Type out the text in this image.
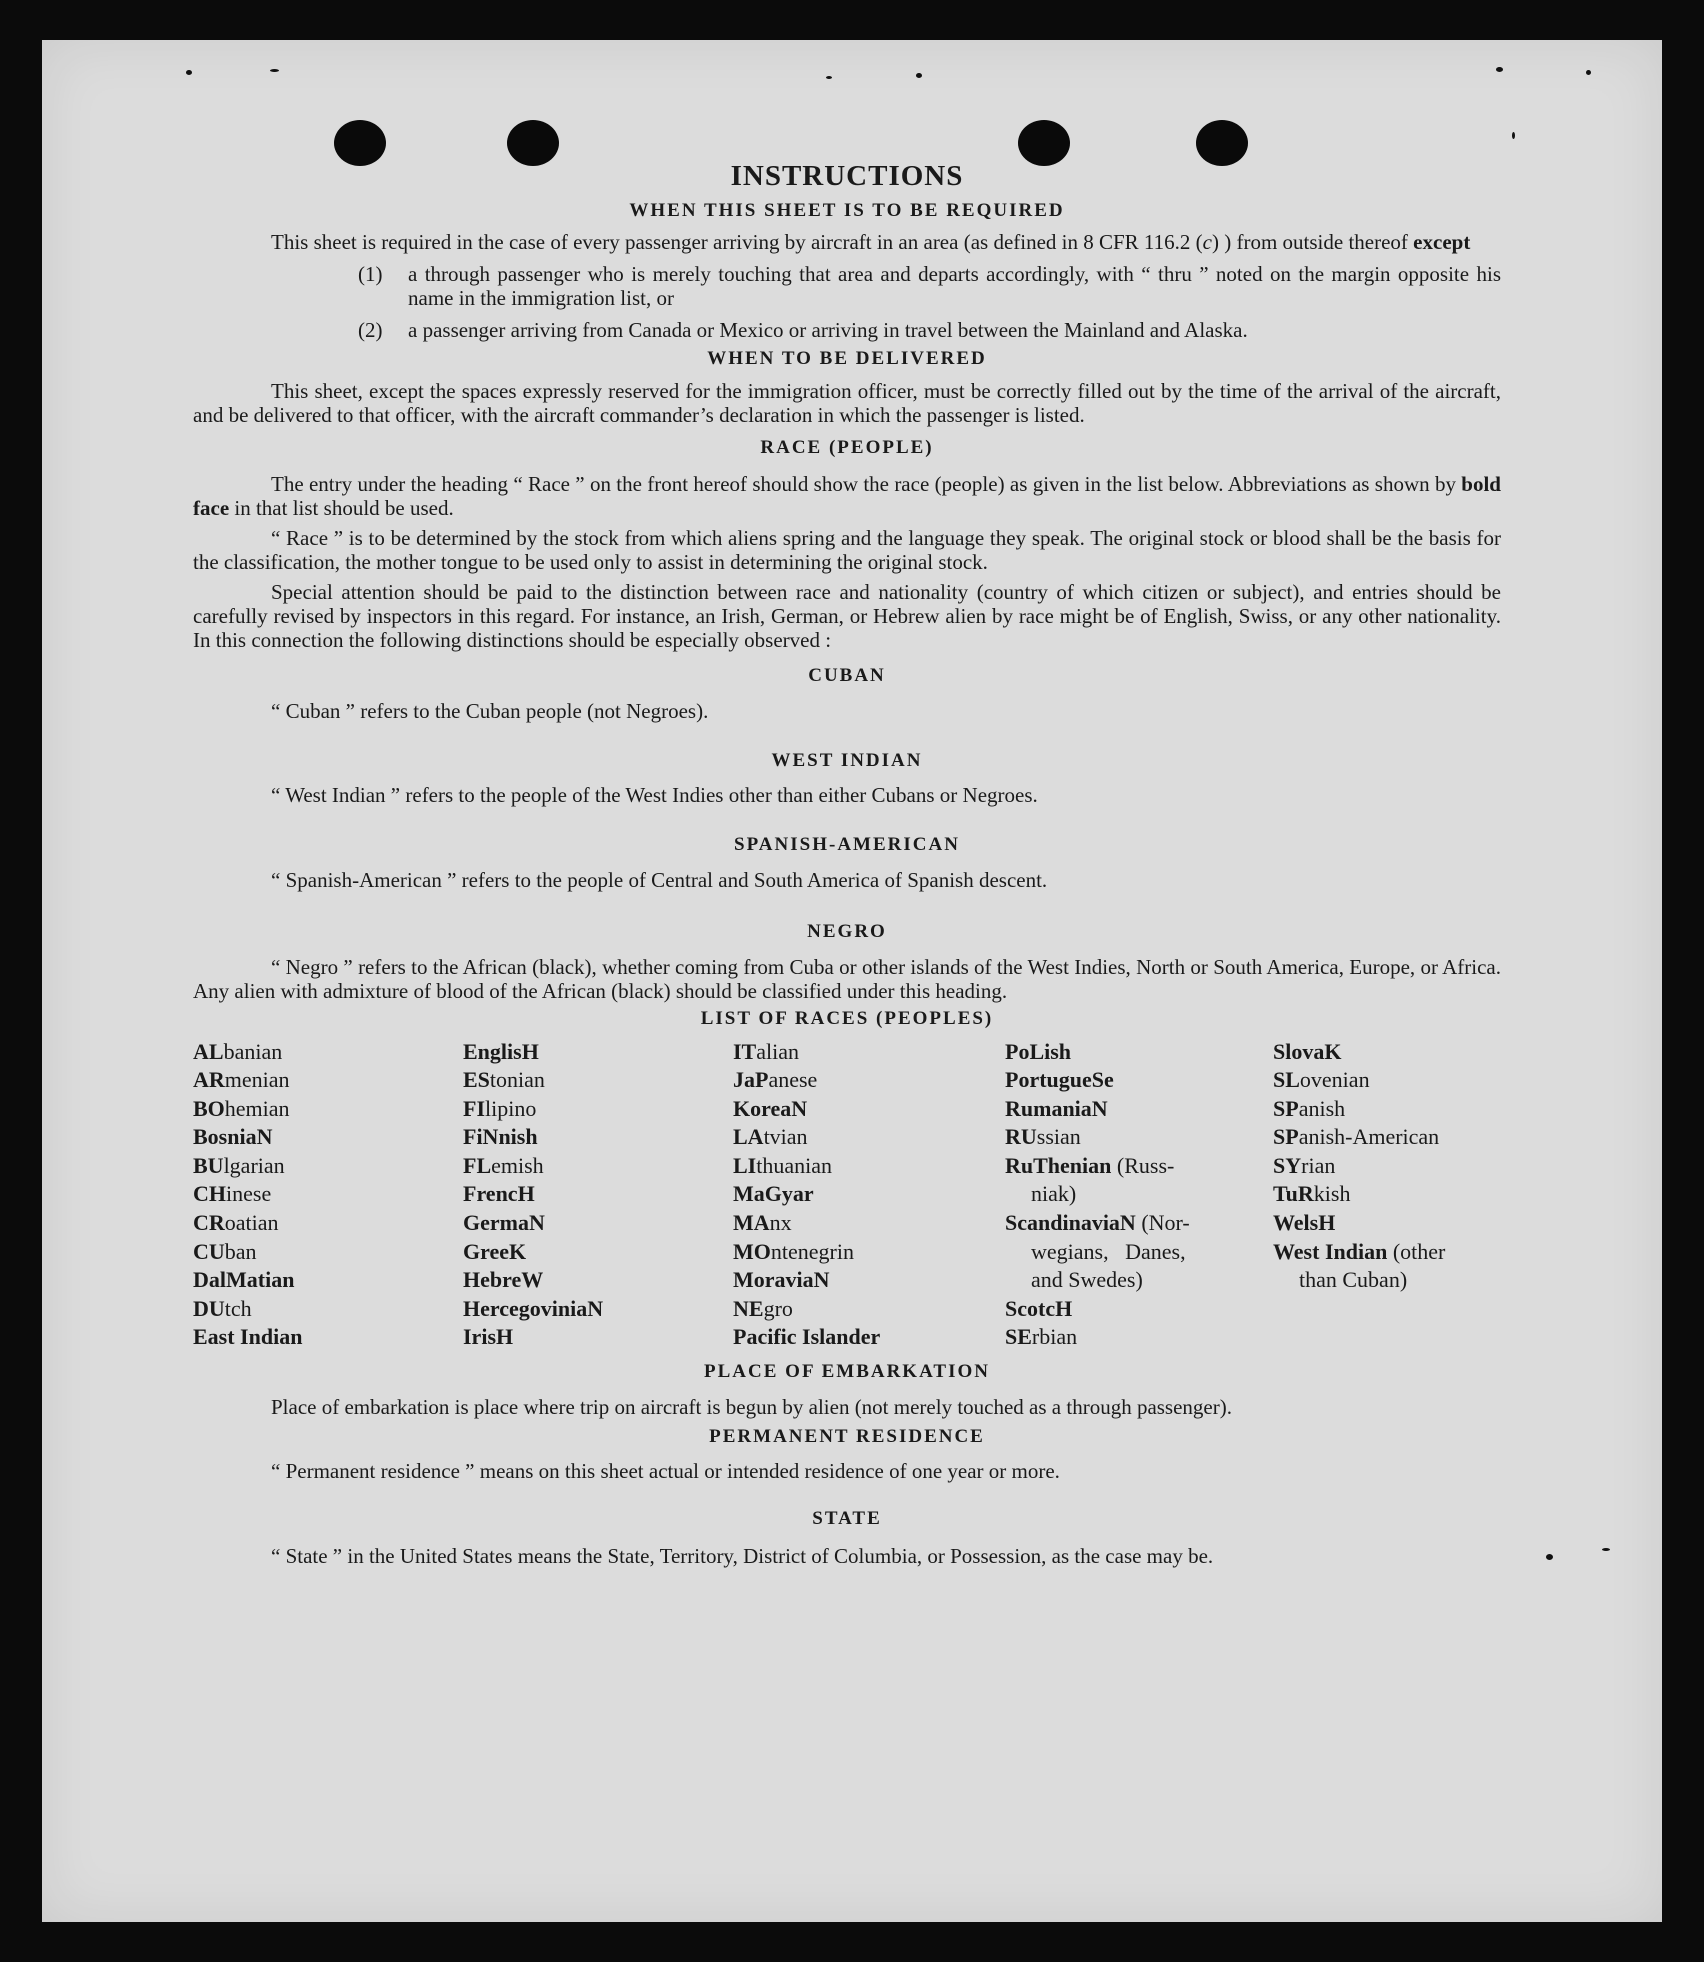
INSTRUCTIONS
WHEN THIS SHEET IS TO BE REQUIRED

This sheet is required in the case of every passenger arriving by aircraft in an area (as defined in 8 CFR 116.2 (c) ) from outside thereof except

(1)	a through passenger who is merely touching that area and departs accordingly, with “ thru ” noted on the margin opposite his name in the immigration list, or
(2)	a passenger arriving from Canada or Mexico or arriving in travel between the Mainland and Alaska.
WHEN TO BE DELIVERED

This sheet, except the spaces expressly reserved for the immigration officer, must be correctly filled out by the time of the arrival of the aircraft, and be delivered to that officer, with the aircraft commander’s declaration in which the passenger is listed.

RACE (PEOPLE)

The entry under the heading “ Race ” on the front hereof should show the race (people) as given in the list below. Abbreviations as shown by bold face in that list should be used.

“ Race ” is to be determined by the stock from which aliens spring and the language they speak. The original stock or blood shall be the basis for the classification, the mother tongue to be used only to assist in determining the original stock.

Special attention should be paid to the distinction between race and nationality (country of which citizen or subject), and entries should be carefully revised by inspectors in this regard. For instance, an Irish, German, or Hebrew alien by race might be of English, Swiss, or any other nationality. In this connection the following distinctions should be especially observed :

CUBAN

“ Cuban ” refers to the Cuban people (not Negroes).

WEST INDIAN

“ West Indian ” refers to the people of the West Indies other than either Cubans or Negroes.

SPANISH-AMERICAN

“ Spanish-American ” refers to the people of Central and South America of Spanish descent.

NEGRO

“ Negro ” refers to the African (black), whether coming from Cuba or other islands of the West Indies, North or South America, Europe, or Africa. Any alien with admixture of blood of the African (black) should be classified under this heading.

LIST OF RACES (PEOPLES)
ALbanian
ARmenian
BOhemian
BosniaN
BUlgarian
CHinese
CRoatian
CUban
DalMatian
DUtch
East Indian
EnglisH
EStonian
FIlipino
FiNnish
FLemish
FrencH
GermaN
GreeK
HebreW
HercegoviniaN
IrisH
ITalian
JaPanese
KoreaN
LAtvian
LIthuanian
MaGyar
MAnx
MOntenegrin
MoraviaN
NEgro
Pacific Islander
PoLish
PortugueSe
RumaniaN
RUssian
RuThenian (Russ-
niak)
ScandinaviaN (Nor-
wegians,   Danes,
and Swedes)
ScotcH
SErbian
SlovaK
SLovenian
SPanish
SPanish-American
SYrian
TuRkish
WelsH
West Indian (other
than Cuban)
PLACE OF EMBARKATION

Place of embarkation is place where trip on aircraft is begun by alien (not merely touched as a through passenger).

PERMANENT RESIDENCE

“ Permanent residence ” means on this sheet actual or intended residence of one year or more.

STATE

“ State ” in the United States means the State, Territory, District of Columbia, or Possession, as the case may be.
